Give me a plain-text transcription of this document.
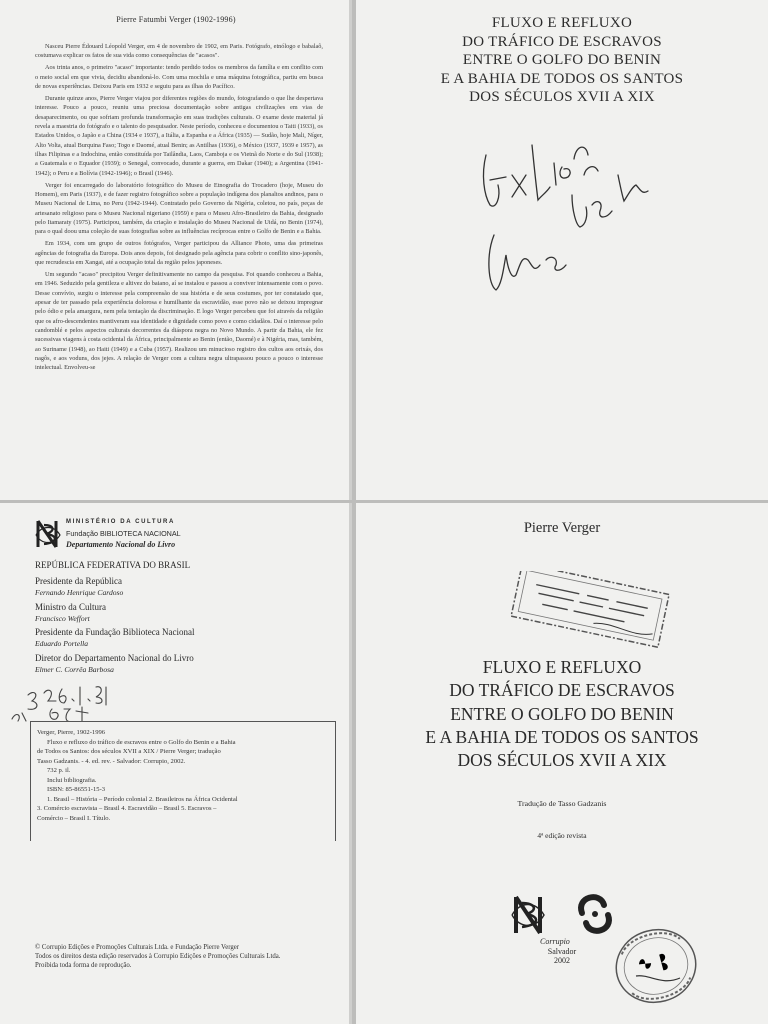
Pierre Fatumbi Verger (1902-1996)

Nasceu Pierre Édouard Léopold Verger, em 4 de novembro de 1902, em Paris. Fotógrafo, etnólogo e babalaô, costumava explicar os fatos de sua vida como consequências de "acasos".

Aos trinta anos, o primeiro "acaso" importante: tendo perdido todos os membros da família e em conflito com o meio social em que vivia, decidiu abandoná-lo. Com uma mochila e uma máquina fotográfica, partiu em busca de novas experiências. Deixou Paris em 1932 e seguiu para as ilhas do Pacífico.

Durante quinze anos, Pierre Verger viajou por diferentes regiões do mundo, fotografando o que lhe despertava interesse. Pouco a pouco, reuniu uma preciosa documentação sobre antigas civilizações em vias de desaparecimento, ou que sofriam profunda transformação em suas tradições culturais. O exame deste material já revela a maestria do fotógrafo e o talento do pesquisador. Neste período, conheceu e documentou o Taiti (1933), os Estados Unidos, o Japão e a China (1934 e 1937), a Itália, a Espanha e a África (1935) — Sudão, hoje Mali, Níger, Alto Volta, atual Burquina Faso; Togo e Daomé, atual Benin; as Antilhas (1936), o México (1937, 1939 e 1957), as ilhas Filipinas e a Indochina, então constituída por Tailândia, Laos, Camboja e os Vietnã do Norte e do Sul (1938); a Guatemala e o Equador (1939); o Senegal, convocado, durante a guerra, em Dakar (1940); a Argentina (1941-1942); o Peru e a Bolívia (1942-1946); o Brasil (1946).

Verger foi encarregado do laboratório fotográfico do Museu de Etnografia do Trocadero (hoje, Museu do Homem), em Paris (1937), e de fazer registro fotográfico sobre a população indígena dos planaltos andinos, para o Museu Nacional de Lima, no Peru (1942-1944). Contratado pelo Governo da Nigéria, coletou, no país, peças de artesanato religioso para o Museu Nacional nigeriano (1959) e para o Museu Afro-Brasileiro da Bahia, designado pelo Itamaraty (1975). Participou, também, da criação e instalação do Museu Nacional de Uidá, no Benin (1974), para o qual doou uma coleção de suas fotografias sobre as influências recíprocas entre o Golfo de Benin e a Bahia.

Em 1934, com um grupo de outros fotógrafos, Verger participou da Alliance Photo, uma das primeiras agências de fotografia da Europa. Dois anos depois, foi designado pela agência para cobrir o conflito sino-japonês, que recrudescia em Xangai, até a ocupação total da região pelos japoneses.

Um segundo "acaso" precipitou Verger definitivamente no campo da pesquisa. Foi quando conheceu a Bahia, em 1946. Seduzido pela gentileza e altivez do baiano, aí se instalou e passou a conviver intensamente com o povo. Desse convívio, surgiu o interesse pela compreensão de sua história e de seus costumes, por ter constatado que, apesar de ter passado pela experiência dolorosa e humilhante da escravidão, esse povo não se deixou impregnar pelo ódio e pela amargura, nem pela tentação da discriminação. E logo Verger percebeu que foi através da religião que os afro-descendentes mantiveram sua identidade e dignidade como povo e como cidadãos. Daí o interesse pelo candomblé e pelos aspectos culturais decorrentes da diáspora negra no Novo Mundo. A partir da Bahia, ele fez sucessivas viagens à costa ocidental da África, principalmente ao Benin (então, Daomé) e à Nigéria, mas, também, ao Suriname (1948), ao Haiti (1949) e a Cuba (1957). Realizou um minucioso registro dos cultos aos orixás, dos nagôs, e aos voduns, dos jejes. A relação de Verger com a cultura negra ultrapassou pouco a pouco o interesse intelectual. Envolveu-se

FLUXO E REFLUXO
DO TRÁFICO DE ESCRAVOS
ENTRE O GOLFO DO BENIN
E A BAHIA DE TODOS OS SANTOS
DOS SÉCULOS XVII A XIX
MINISTÉRIO DA CULTURA
Fundação BIBLIOTECA NACIONAL
Departamento Nacional do Livro
REPÚBLICA FEDERATIVA DO BRASIL
Presidente da República
Fernando Henrique Cardoso
Ministro da Cultura
Francisco Weffort
Presidente da Fundação Biblioteca Nacional
Eduardo Portella
Diretor do Departamento Nacional do Livro
Elmer C. Corrêa Barbosa
Verger, Pierre, 1902-1996
Fluxo e refluxo do tráfico de escravos entre o Golfo do Benin e a Bahia
de Todos os Santos: dos séculos XVII a XIX / Pierre Verger; tradução
Tasso Gadzanis. - 4. ed. rev. - Salvador: Corrupio, 2002.
732 p. il.
Inclui bibliografia.
ISBN: 85-86551-15-3
1. Brasil – História – Período colonial 2. Brasileiros na África Ocidental
3. Comércio escravista – Brasil 4. Escravidão – Brasil 5. Escravos –
Comércio – Brasil I. Título.
© Corrupio Edições e Promoções Culturais Ltda. e Fundação Pierre Verger
Todos os direitos desta edição reservados à Corrupio Edições e Promoções Culturais Ltda.
Proibida toda forma de reprodução.
Pierre Verger
FLUXO E REFLUXO
DO TRÁFICO DE ESCRAVOS
ENTRE O GOLFO DO BENIN
E A BAHIA DE TODOS OS SANTOS
DOS SÉCULOS XVII A XIX
Tradução de Tasso Gadzanis
4ª edição revista
Corrupio
Salvador
2002
